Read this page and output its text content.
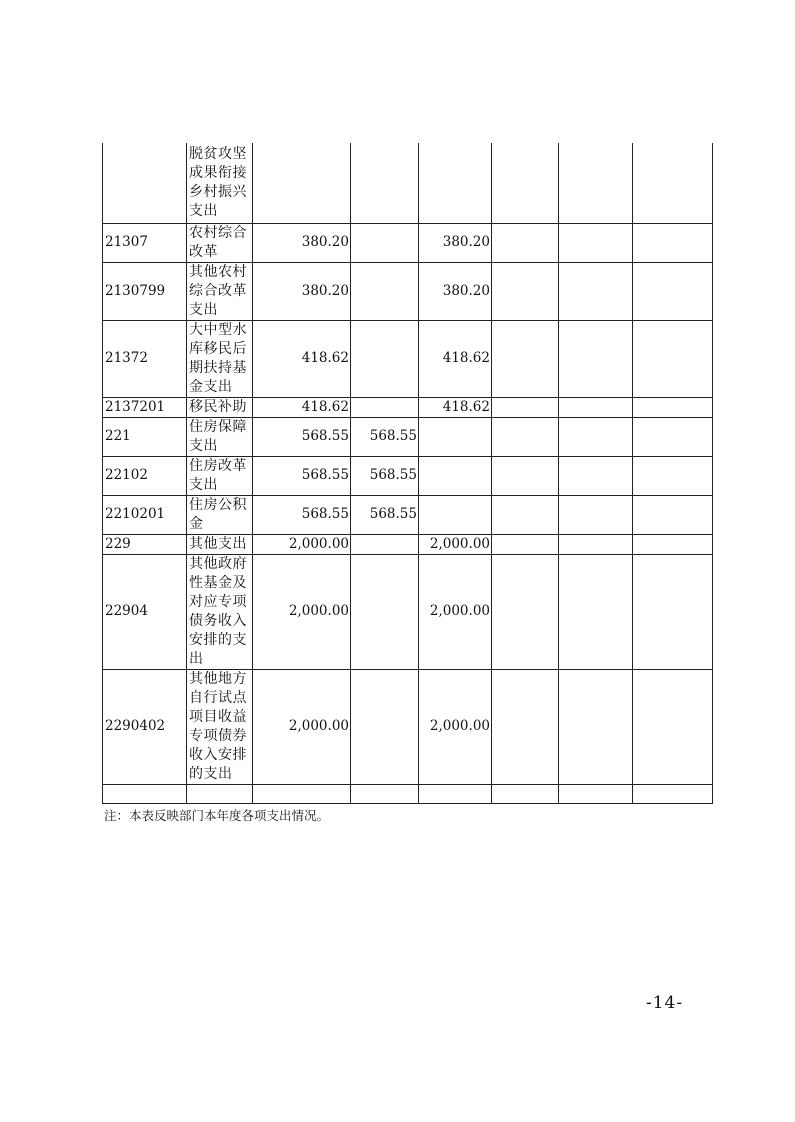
	脱贫攻坚成果衔接乡村振兴支出						
21307	农村综合改革	380.20		380.20			
2130799	其他农村综合改革支出	380.20		380.20			
21372	大中型水库移民后期扶持基金支出	418.62		418.62			
2137201	移民补助	418.62		418.62			
221	住房保障支出	568.55	568.55				
22102	住房改革支出	568.55	568.55				
2210201	住房公积金	568.55	568.55				
229	其他支出	2,000.00		2,000.00			
22904	其他政府性基金及对应专项债务收入安排的支出	2,000.00		2,000.00			
2290402	其他地方自行试点项目收益专项债券收入安排的支出	2,000.00		2,000.00			

注：本表反映部门本年度各项支出情况。

-14-
